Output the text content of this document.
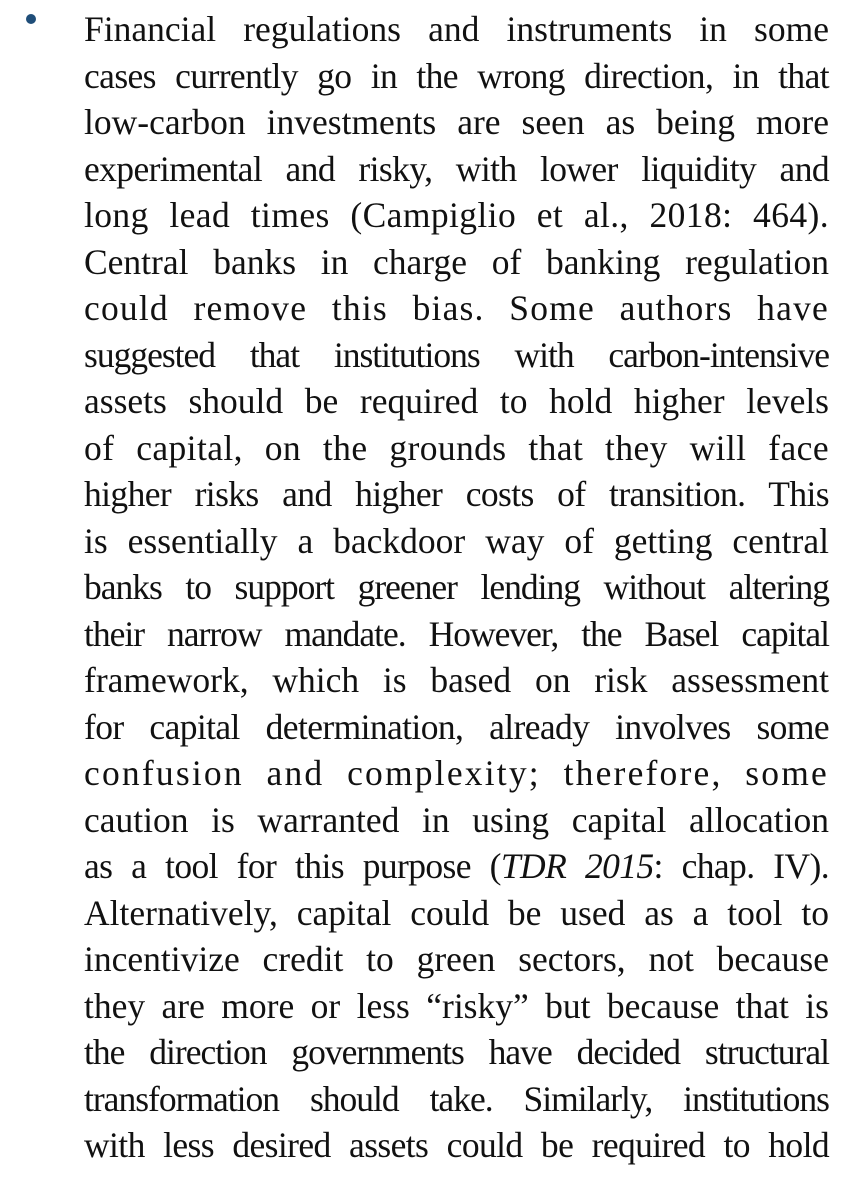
Financial regulations and instruments in some
cases currently go in the wrong direction, in that
low-carbon investments are seen as being more
experimental and risky, with lower liquidity and
long lead times (Campiglio et al., 2018: 464).
Central banks in charge of banking regulation
could remove this bias. Some authors have
suggested that institutions with carbon-intensive
assets should be required to hold higher levels
of capital, on the grounds that they will face
higher risks and higher costs of transition. This
is essentially a backdoor way of getting central
banks to support greener lending without altering
their narrow mandate. However, the Basel capital
framework, which is based on risk assessment
for capital determination, already involves some
confusion and complexity; therefore, some
caution is warranted in using capital allocation
as a tool for this purpose (TDR 2015: chap. IV).
Alternatively, capital could be used as a tool to
incentivize credit to green sectors, not because
they are more or less “risky” but because that is
the direction governments have decided structural
transformation should take. Similarly, institutions
with less desired assets could be required to hold
